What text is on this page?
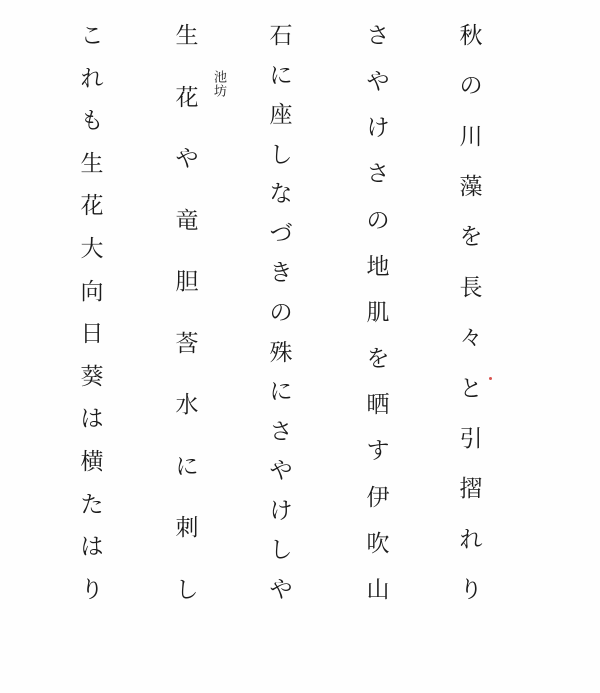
秋
の
川
藻
を
長
々
と
引
摺
れ
り
さ
や
け
さ
の
地
肌
を
晒
す
伊
吹
山
石
に
座
し
な
づ
き
の
殊
に
さ
や
け
し
や
池坊
生
花
や
竜
胆
莟
水
に
刺
し
こ
れ
も
生
花
大
向
日
葵
は
横
た
は
り
